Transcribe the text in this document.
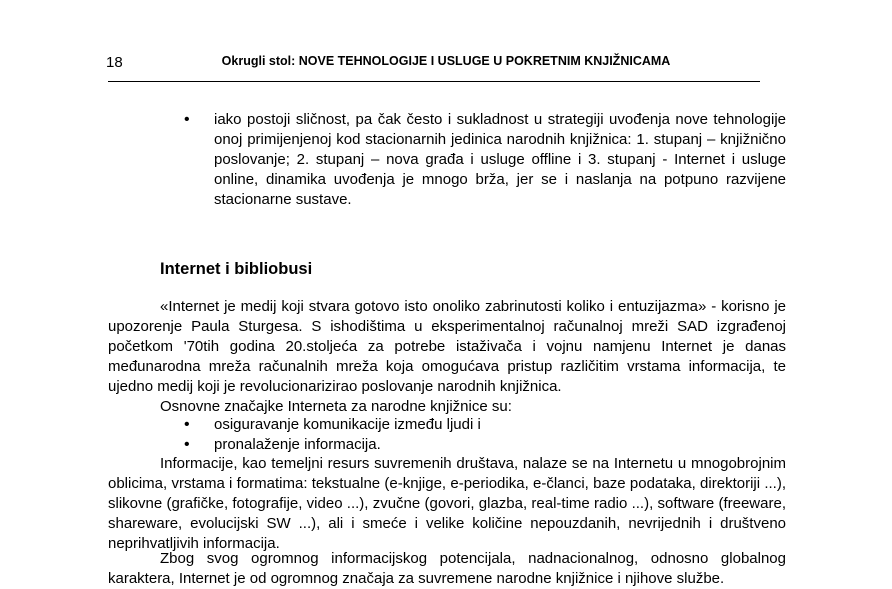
18	Okrugli stol: NOVE TEHNOLOGIJE I USLUGE U POKRETNIM KNJIŽNICAMA
• iako postoji sličnost, pa čak često i sukladnost u strategiji uvođenja nove tehnologije onoj primijenjenoj kod stacionarnih jedinica narodnih knjižnica: 1. stupanj – knjižnično poslovanje; 2. stupanj – nova građa i usluge offline i 3. stupanj - Internet i usluge online, dinamika uvođenja je mnogo brža, jer se i naslanja na potpuno razvijene stacionarne sustave.
Internet i bibliobusi

«Internet je medij koji stvara gotovo isto onoliko zabrinutosti koliko i entuzijazma» - korisno je upozorenje Paula Sturgesa. S ishodištima u eksperimentalnoj računalnoj mreži SAD izgrađenoj početkom '70tih godina 20.stoljeća za potrebe istaživača i vojnu namjenu Internet je danas međunarodna mreža računalnih mreža koja omogućava pristup različitim vrstama informacija, te ujedno medij koji je revolucionarizirao poslovanje narodnih knjižnica.

Osnovne značajke Interneta za narodne knjižnice su:

• osiguravanje komunikacije između ljudi i
• pronalaženje informacija.

Informacije, kao temeljni resurs suvremenih društava, nalaze se na Internetu u mnogobrojnim oblicima, vrstama i formatima: tekstualne (e-knjige, e-periodika, e-članci, baze podataka, direktoriji ...), slikovne (grafičke, fotografije, video ...), zvučne (govori, glazba, real-time radio ...), software (freeware, shareware, evolucijski SW ...), ali i smeće i velike količine nepouzdanih, nevrijednih i društveno neprihvatljivih informacija.

Zbog svog ogromnog informacijskog potencijala, nadnacionalnog, odnosno globalnog karaktera, Internet je od ogromnog značaja za suvremene narodne knjižnice i njihove službe.
